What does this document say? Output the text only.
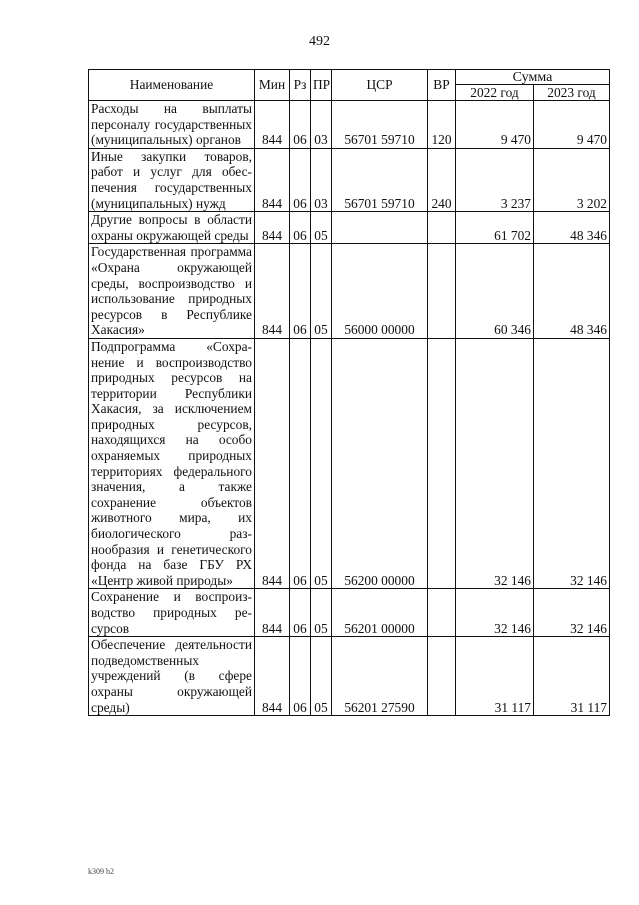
492
Наименование	Мин	Рз	ПР	ЦСР	ВР	Сумма	
						2022 год	2023 год
Расходы на выплаты персоналу государственных (муниципальных) органов	844	06	03	56701 59710	120	9 470	9 470
Иные закупки товаров, работ и услуг для обеспечения государственных (муниципальных) нужд	844	06	03	56701 59710	240	3 237	3 202
Другие вопросы в области охраны окружающей среды	844	06	05			61 702	48 346
Государственная программа «Охрана окружающей среды, воспроизводство и использование природных ресурсов в Республике Хакасия»	844	06	05	56000 00000		60 346	48 346
Подпрограмма «Сохранение и воспроизводство природных ресурсов на территории Республики Хакасия, за исключением природных ресурсов, находящихся на особо охраняемых природных территориях федерального значения, а также сохранение объектов животного мира, их биологического разнообразия и генетического фонда на базе ГБУ РХ «Центр живой природы»	844	06	05	56200 00000		32 146	32 146
Сохранение и воспроизводство природных ресурсов	844	06	05	56201 00000		32 146	32 146
Обеспечение деятельности подведомственных учреждений (в сфере охраны окружающей среды)	844	06	05	56201 27590		31 117	31 117
k309 b2
